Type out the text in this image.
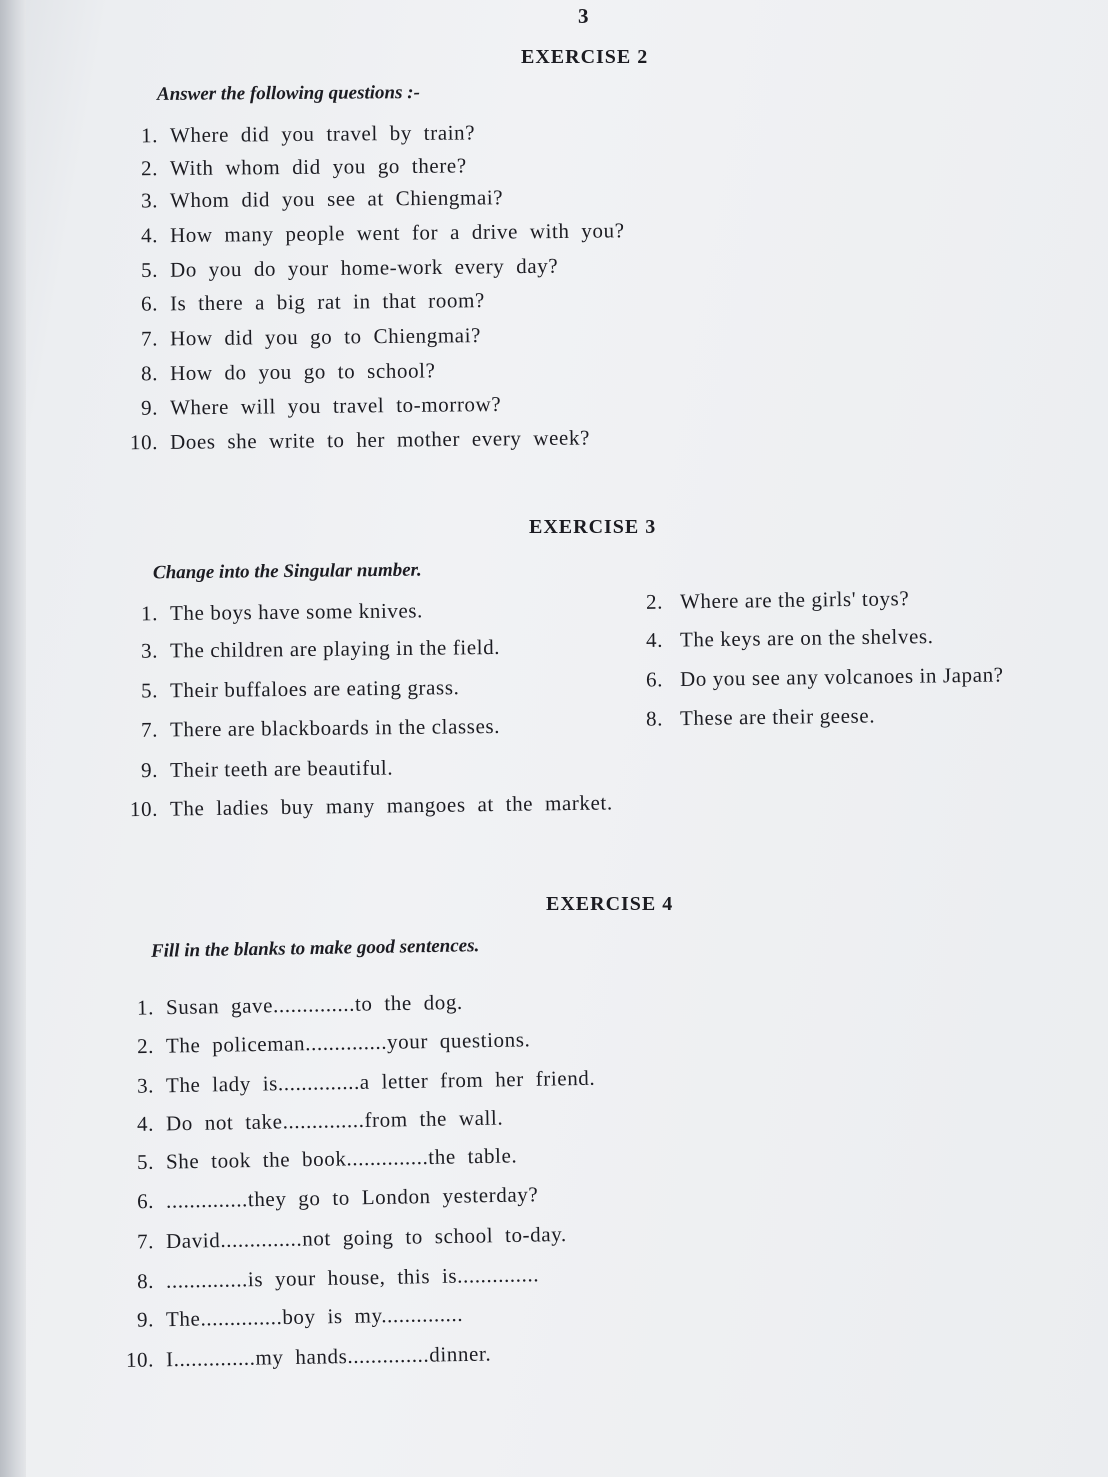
3
EXERCISE 2
Answer the following questions :-
1. Where did you travel by train?
2. With whom did you go there?
3. Whom did you see at Chiengmai?
4. How many people went for a drive with you?
5. Do you do your home-work every day?
6. Is there a big rat in that room?
7. How did you go to Chiengmai?
8. How do you go to school?
9. Where will you travel to-morrow?
10. Does she write to her mother every week?
EXERCISE 3
Change into the Singular number.
1. The boys have some knives.	2. Where are the girls' toys?
3. The children are playing in the field.	4. The keys are on the shelves.
5. Their buffaloes are eating grass.	6. Do you see any volcanoes in Japan?
7. There are blackboards in the classes.	8. These are their geese.
9. Their teeth are beautiful.
10. The ladies buy many mangoes at the market.
EXERCISE 4
Fill in the blanks to make good sentences.
1. Susan gave..............to the dog.
2. The policeman..............your questions.
3. The lady is..............a letter from her friend.
4. Do not take..............from the wall.
5. She took the book..............the table.
6. ..............they go to London yesterday?
7. David..............not going to school to-day.
8. ..............is your house, this is..............
9. The..............boy is my..............
10. I..............my hands..............dinner.
